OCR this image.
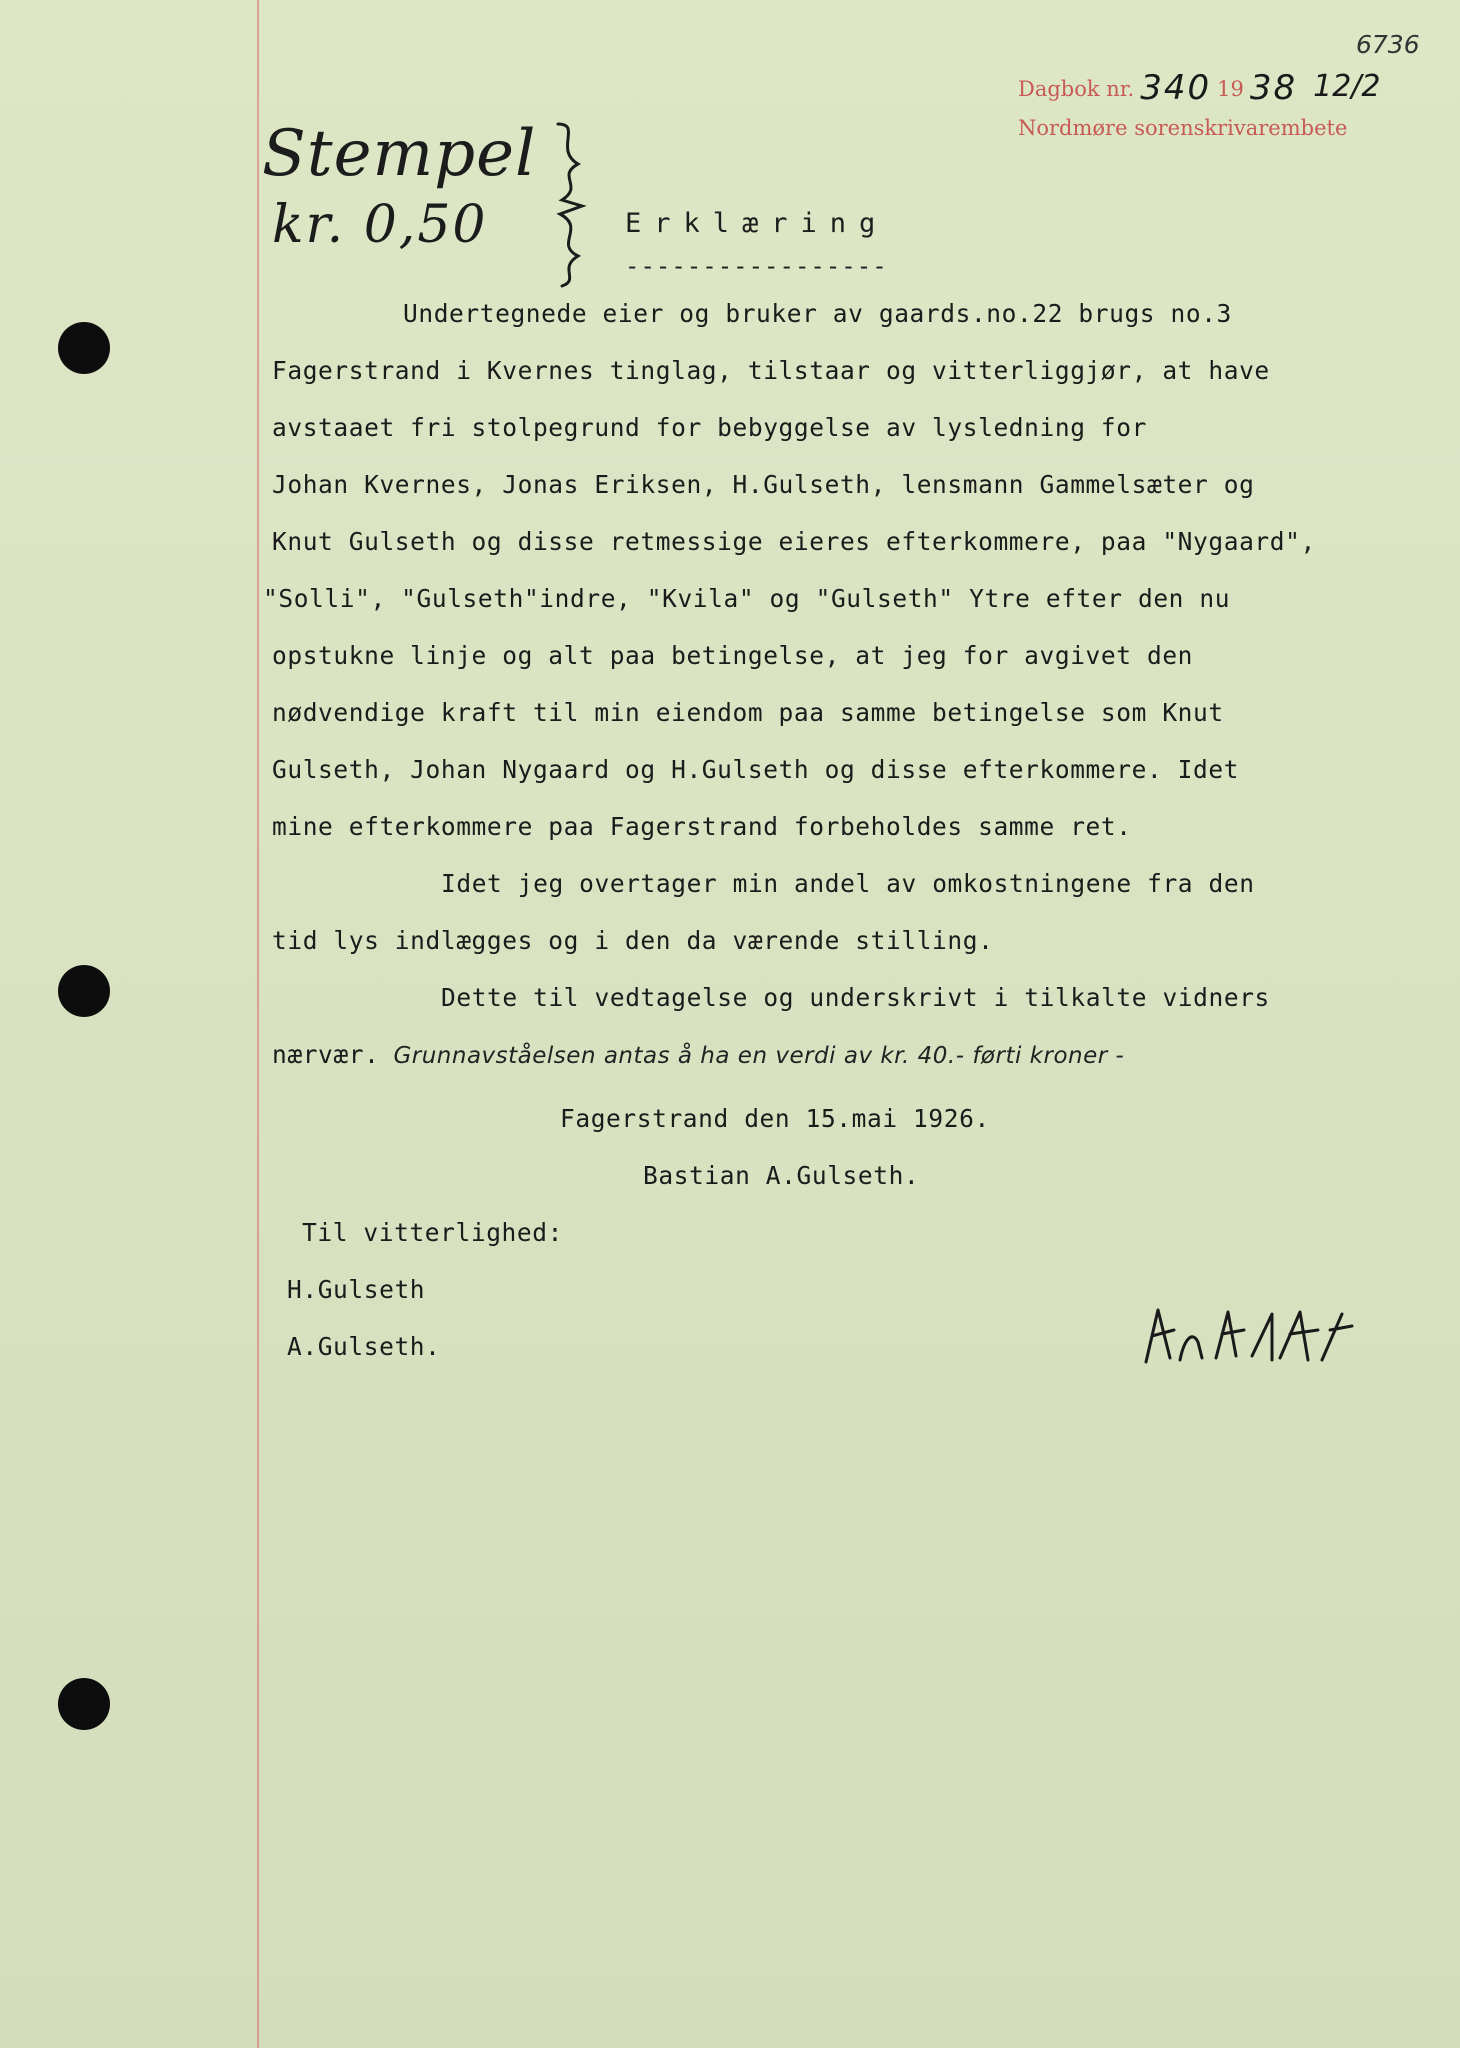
6736
Dagbok nr. 340 19 38 12/2
Nordmøre sorenskrivarembete
Stempel
kr. 0,50	Erklæring
-----------------
Undertegnede eier og bruker av gaards.no.22 brugs no.3
Fagerstrand i Kvernes tinglag, tilstaar og vitterliggjør, at have
avstaaet fri stolpegrund for bebyggelse av lysledning for
Johan Kvernes, Jonas Eriksen, H.Gulseth, lensmann Gammelsæter og
Knut Gulseth og disse retmessige eieres efterkommere, paa "Nygaard",
"Solli", "Gulseth"indre, "Kvila" og "Gulseth" Ytre efter den nu
opstukne linje og alt paa betingelse, at jeg for avgivet den
nødvendige kraft til min eiendom paa samme betingelse som Knut
Gulseth, Johan Nygaard og H.Gulseth og disse efterkommere. Idet
mine efterkommere paa Fagerstrand forbeholdes samme ret.
Idet jeg overtager min andel av omkostningene fra den
tid lys indlægges og i den da værende stilling.
Dette til vedtagelse og underskrivt i tilkalte vidners
nærvær. Grunnavståelsen antas å ha en verdi av kr. 40.- førti kroner -
Fagerstrand den 15.mai 1926.
Bastian A.Gulseth.
Til vitterlighed:
H.Gulseth
A.Gulseth.
